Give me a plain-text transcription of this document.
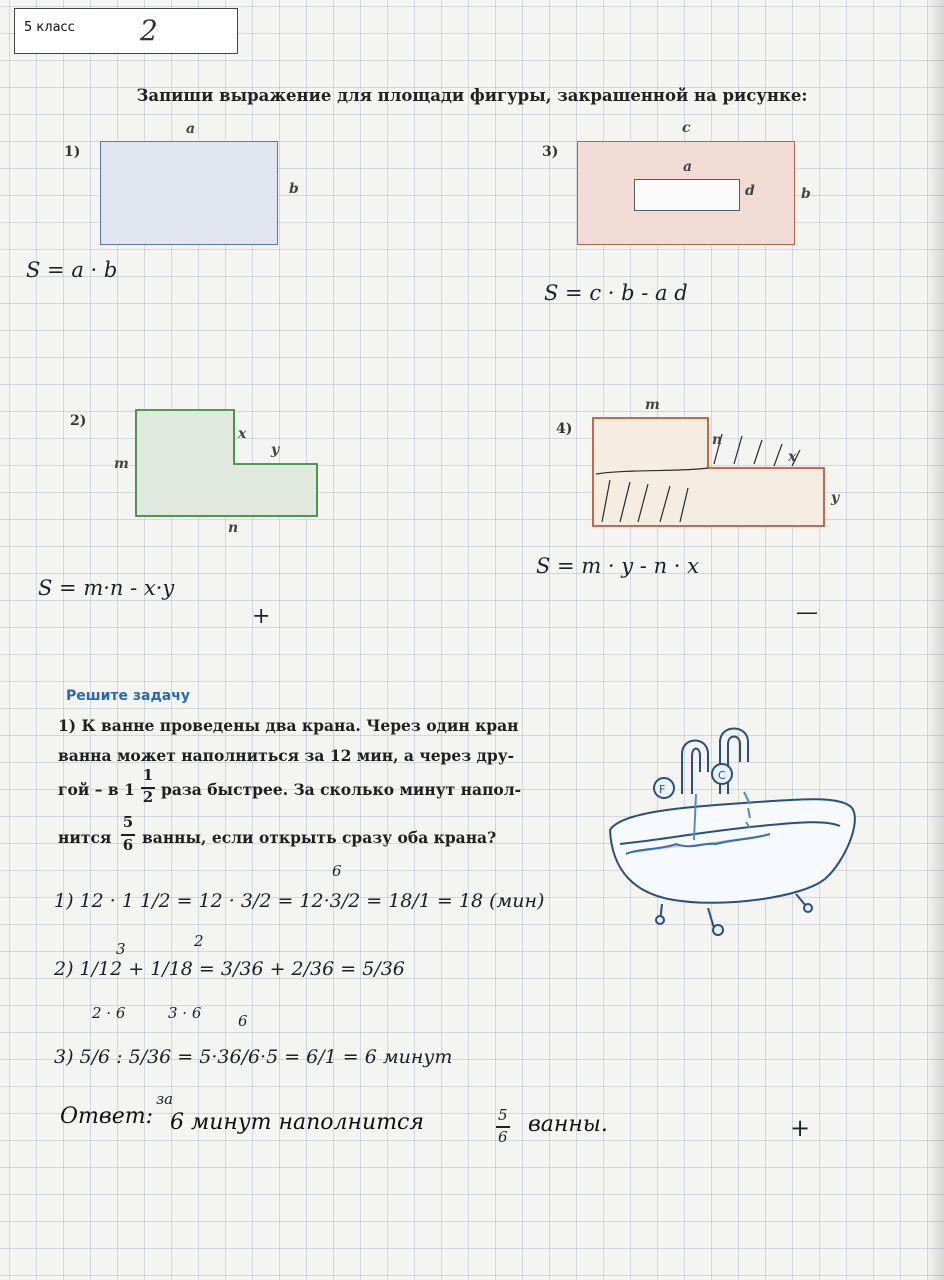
5 класс 2
Запиши выражение для площади фигуры, закрашенной на рисунке:
1)
a
b
S = a · b
3)
c
a
d	b
S = c · b - a d
2)
m
x
y
n
S = m·n - x·y
+
4)
m
n
x
y
S = m · y - n · x
—
Решите задачу
1) К ванне проведены два крана. Через один кран
ванна может наполниться за 12 мин, а через дру-
гой – в 1 раза быстрее. За сколько минут напол-
нится ванны, если открыть сразу оба крана?
1
2
5
6
F
C
6
1) 12 · 1 1/2 = 12 · 3/2 = 12·3/2 = 18/1 = 18 (мин)
2) 1/12 + 1/18 = 3/36 + 2/36 = 5/36
3	2
2 · 6	3 · 6 6
3) 5/6 : 5/36 = 5·36/6·5 = 6/1 = 6 минут
за
Ответ: 6 минут наполнится	5
6 ванны.	+
